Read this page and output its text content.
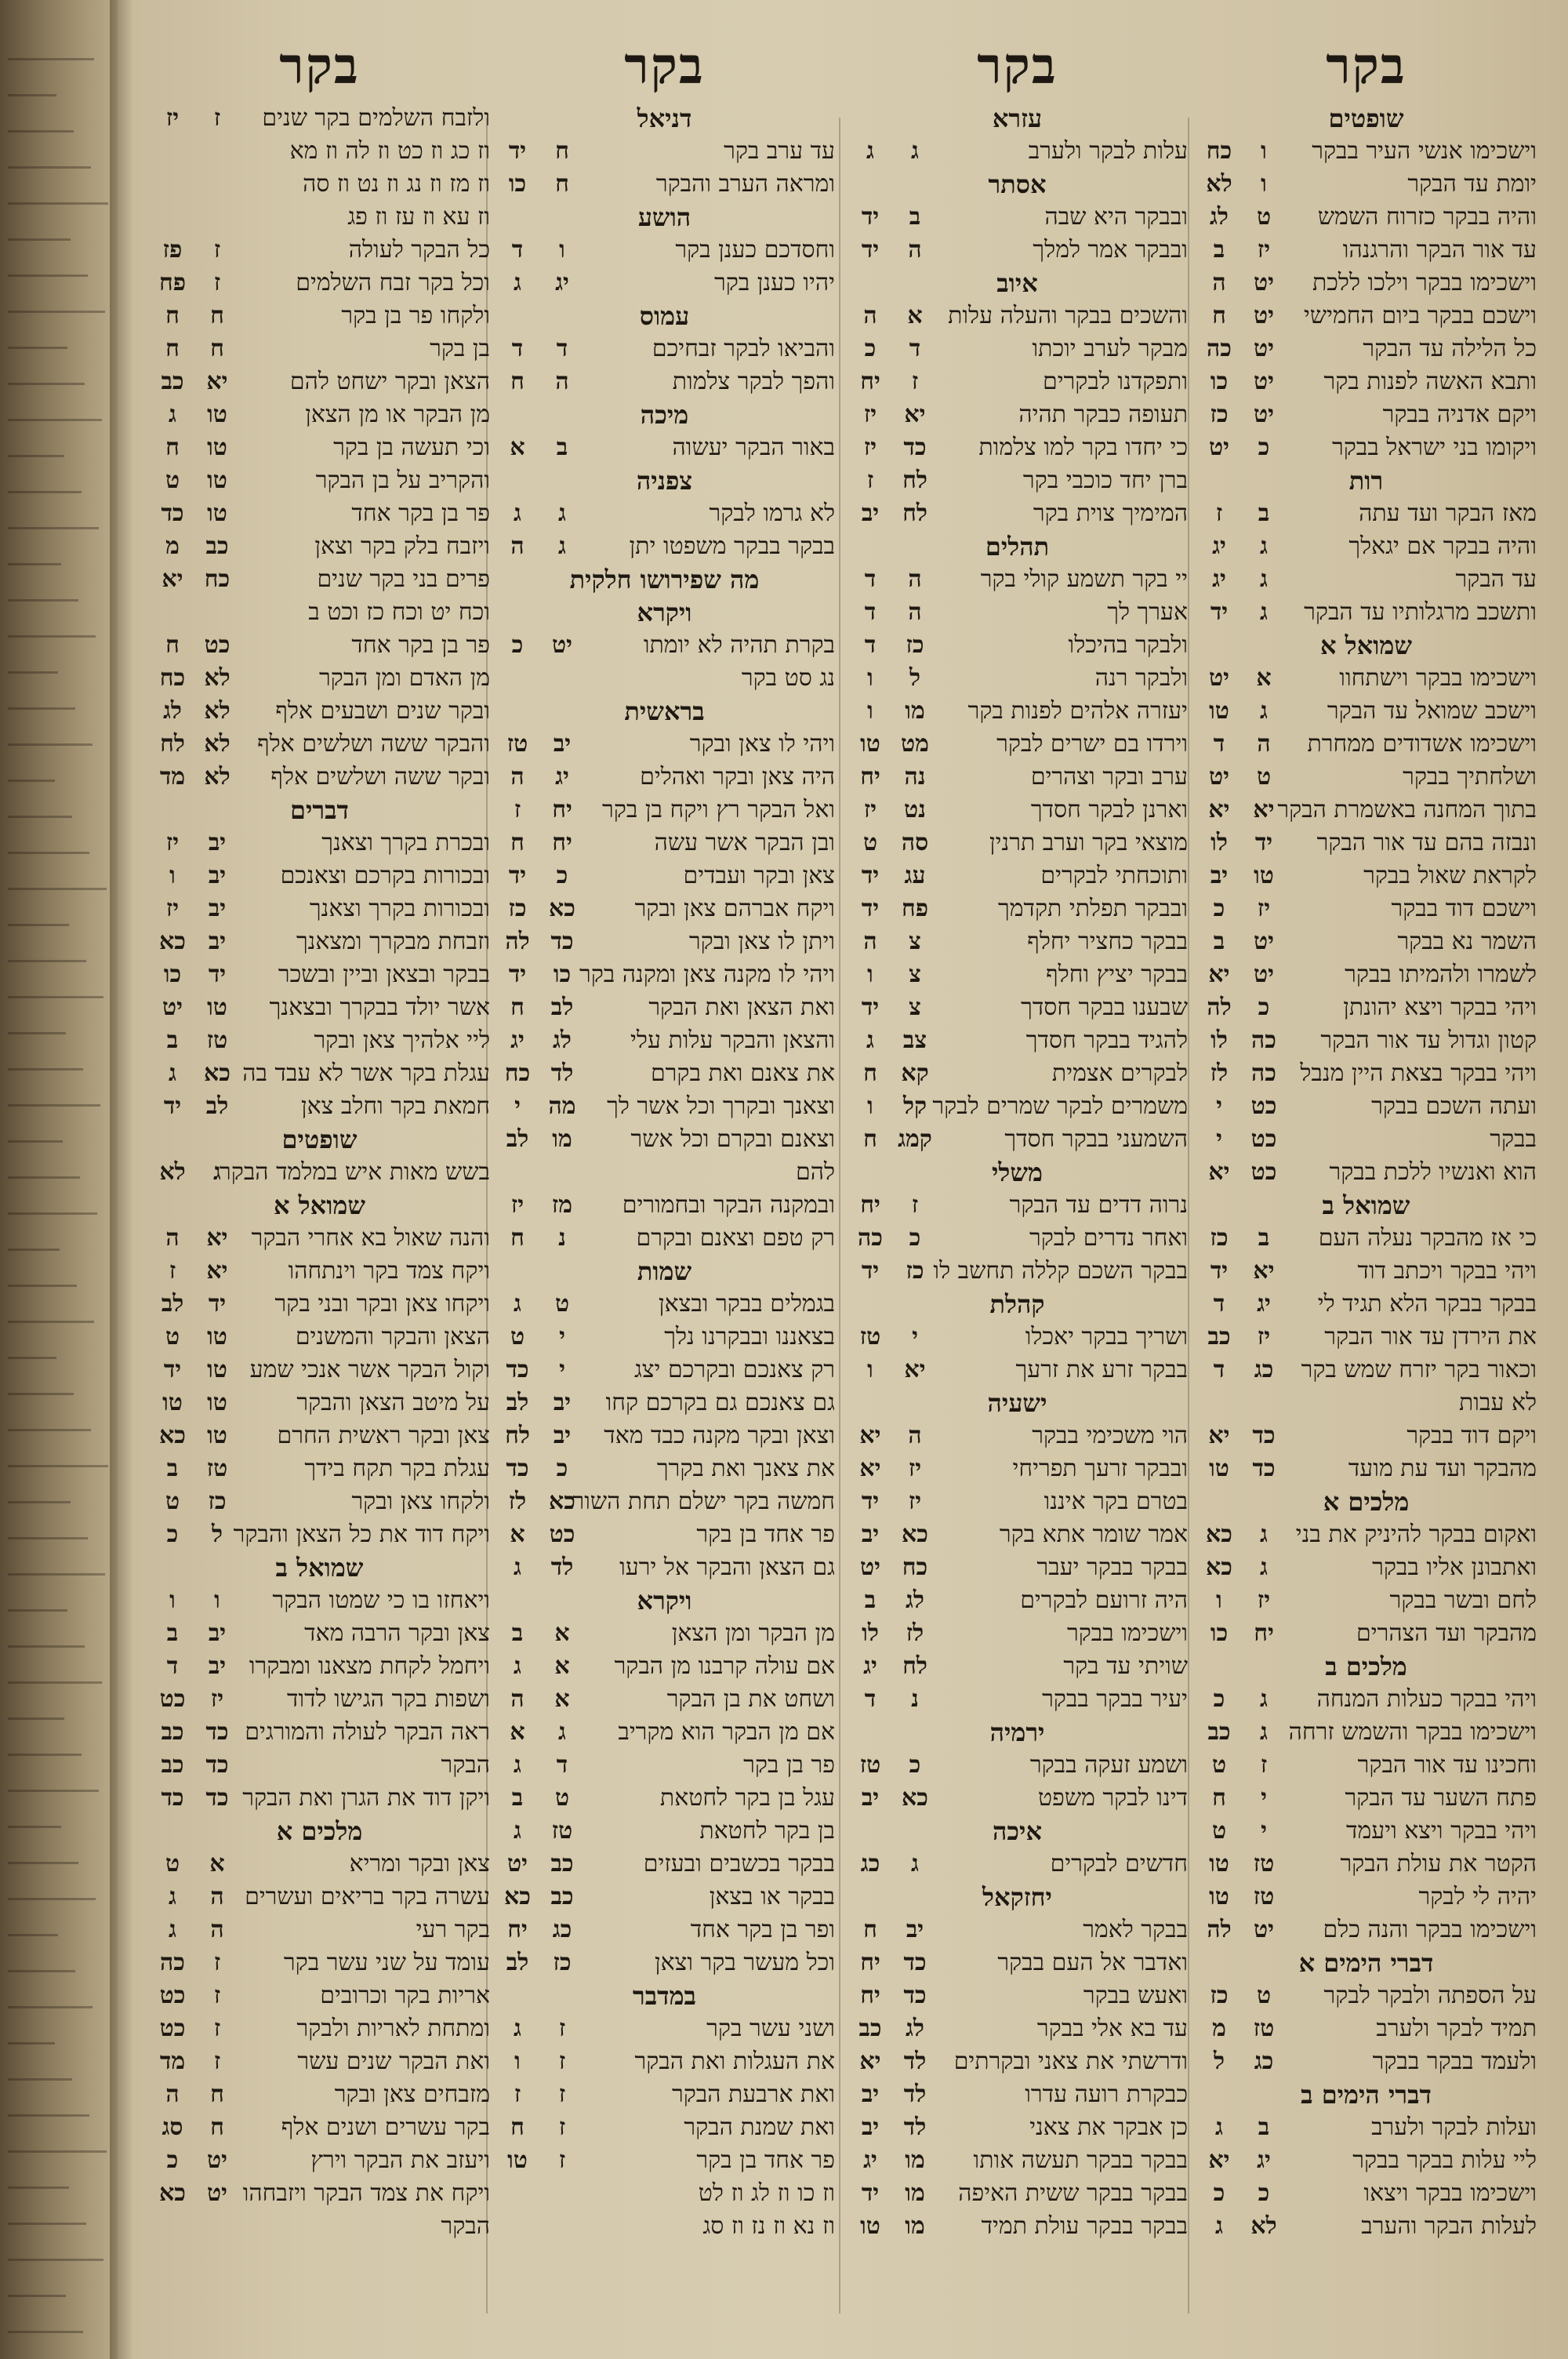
בקר
שופטים
וישכימו אנשי העיר בבקר
ו
כח
יומת עד הבקר
ו
לא
והיה בבקר כזרוח השמש
ט
לג
עד אור הבקר והרגנהו
יז
ב
וישכימו בבקר וילכו ללכת
יט
ה
וישכם בבקר ביום החמישי
יט
ח
כל הלילה עד הבקר
יט
כה
ותבא האשה לפנות בקר
יט
כו
ויקם אדניה בבקר
יט
כז
ויקומו בני ישראל בבקר
כ
יט
רות
מאז הבקר ועד עתה
ב
ז
והיה בבקר אם יגאלך
ג
יג
עד הבקר
ג
יג
ותשכב מרגלותיו עד הבקר
ג
יד
שמואל א
וישכימו בבקר וישתחוו
א
יט
וישכב שמואל עד הבקר
ג
טו
וישכימו אשדודים ממחרת
ה
ד
ושלחתיך בבקר
ט
יט
בתוך המחנה באשמרת הבקר
יא
יא
ונבזה בהם עד אור הבקר
יד
לו
לקראת שאול בבקר
טו
יב
וישכם דוד בבקר
יז
כ
השמר נא בבקר
יט
ב
לשמרו ולהמיתו בבקר
יט
יא
ויהי בבקר ויצא יהונתן
כ
לה
קטון וגדול עד אור הבקר
כה
לו
ויהי בבקר בצאת היין מנבל
כה
לז
ועתה השכם בבקר
כט
י
בבקר
כט
י
הוא ואנשיו ללכת בבקר
כט
יא
שמואל ב
כי אז מהבקר נעלה העם
ב
כז
ויהי בבקר ויכתב דוד
יא
יד
בבקר בבקר הלא תגיד לי
יג
ד
את הירדן עד אור הבקר
יז
כב
וכאור בקר יזרח שמש בקר
כג
ד
לא עבות
ויקם דוד בבקר
כד
יא
מהבקר ועד עת מועד
כד
טו
מלכים א
ואקום בבקר להיניק את בני
ג
כא
ואתבונן אליו בבקר
ג
כא
לחם ובשר בבקר
יז
ו
מהבקר ועד הצהרים
יח
כו
מלכים ב
ויהי בבקר כעלות המנחה
ג
כ
וישכימו בבקר והשמש זרחה
ג
כב
וחכינו עד אור הבקר
ז
ט
פתח השער עד הבקר
י
ח
ויהי בבקר ויצא ויעמד
י
ט
הקטר את עולת הבקר
טז
טו
יהיה לי לבקר
טז
טו
וישכימו בבקר והנה כלם
יט
לה
דברי הימים א
על הספתה ולבקר לבקר
ט
כז
תמיד לבקר ולערב
טז
מ
ולעמד בבקר בבקר
כג
ל
דברי הימים ב
ועלות לבקר ולערב
ב
ג
ליי עלות בבקר בבקר
יג
יא
וישכימו בבקר ויצאו
כ
כ
לעלות הבקר והערב
לא
ג
בקר
עזרא
עלות לבקר ולערב
ג
ג
אסתר
ובבקר היא שבה
ב
יד
ובבקר אמר למלך
ה
יד
איוב
והשכים בבקר והעלה עלות
א
ה
מבקר לערב יוכתו
ד
כ
ותפקדנו לבקרים
ז
יח
תעופה כבקר תהיה
יא
יז
כי יחדו בקר למו צלמות
כד
יז
ברן יחד כוכבי בקר
לח
ז
המימיך צוית בקר
לח
יב
תהלים
יי בקר תשמע קולי בקר
ה
ד
אערך לך
ה
ד
ולבקר בהיכלו
כז
ד
ולבקר רנה
ל
ו
יעזרה אלהים לפנות בקר
מו
ו
וירדו בם ישרים לבקר
מט
טו
ערב ובקר וצהרים
נה
יח
וארנן לבקר חסדך
נט
יז
מוצאי בקר וערב תרנין
סה
ט
ותוכחתי לבקרים
עג
יד
ובבקר תפלתי תקדמך
פח
יד
בבקר כחציר יחלף
צ
ה
בבקר יציץ וחלף
צ
ו
שבענו בבקר חסדך
צ
יד
להגיד בבקר חסדך
צב
ג
לבקרים אצמית
קא
ח
משמרים לבקר שמרים לבקר
קל
ו
השמעני בבקר חסדך
קמג
ח
משלי
נרוה דדים עד הבקר
ז
יח
ואחר נדרים לבקר
כ
כה
בבקר השכם קללה תחשב לו
כז
יד
קהלת
ושריך בבקר יאכלו
י
טז
בבקר זרע את זרעך
יא
ו
ישעיה
הוי משכימי בבקר
ה
יא
ובבקר זרעך תפריחי
יז
יא
בטרם בקר איננו
יז
יד
אמר שומר אתא בקר
כא
יב
בבקר בבקר יעבר
כח
יט
היה זרועם לבקרים
לג
ב
וישכימו בבקר
לז
לו
שויתי עד בקר
לח
יג
יעיר בבקר בבקר
נ
ד
ירמיה
ושמע זעקה בבקר
כ
טז
דינו לבקר משפט
כא
יב
איכה
חדשים לבקרים
ג
כג
יחזקאל
בבקר לאמר
יב
ח
ואדבר אל העם בבקר
כד
יח
ואעש בבקר
כד
יח
עד בא אלי בבקר
לג
כב
ודרשתי את צאני ובקרתים
לד
יא
כבקרת רועה עדרו
לד
יב
כן אבקר את צאני
לד
יב
בבקר בבקר תעשה אותו
מו
יג
בבקר בבקר ששית האיפה
מו
יד
בבקר בבקר עולת תמיד
מו
טו
בקר
דניאל
עד ערב בקר
ח
יד
ומראה הערב והבקר
ח
כו
הושע
וחסדכם כענן בקר
ו
ד
יהיו כענן בקר
יג
ג
עמוס
והביאו לבקר זבחיכם
ד
ד
והפך לבקר צלמות
ה
ח
מיכה
באור הבקר יעשוה
ב
א
צפניה
לא גרמו לבקר
ג
ג
בבקר בבקר משפטו יתן
ג
ה
מה שפירושו חלקית
ויקרא
בקרת תהיה לא יומתו
יט
כ
נג סט בקר
בראשית
ויהי לו צאן ובקר
יב
טז
היה צאן ובקר ואהלים
יג
ה
ואל הבקר רץ ויקח בן בקר
יח
ז
ובן הבקר אשר עשה
יח
ח
צאן ובקר ועבדים
כ
יד
ויקח אברהם צאן ובקר
כא
כז
ויתן לו צאן ובקר
כד
לה
ויהי לו מקנה צאן ומקנה בקר
כו
יד
ואת הצאן ואת הבקר
לב
ח
והצאן והבקר עלות עלי
לג
יג
את צאנם ואת בקרם
לד
כח
וצאנך ובקרך וכל אשר לך
מה
י
וצאנם ובקרם וכל אשר
מו
לב
להם
ובמקנה הבקר ובחמורים
מז
יז
רק טפם וצאנם ובקרם
נ
ח
שמות
בגמלים בבקר ובצאן
ט
ג
בצאננו ובבקרנו נלך
י
ט
רק צאנכם ובקרכם יצג
י
כד
גם צאנכם גם בקרכם קחו
יב
לב
וצאן ובקר מקנה כבד מאד
יב
לח
את צאנך ואת בקרך
כ
כד
חמשה בקר ישלם תחת השור
כא
לז
פר אחד בן בקר
כט
א
גם הצאן והבקר אל ירעו
לד
ג
ויקרא
מן הבקר ומן הצאן
א
ב
אם עולה קרבנו מן הבקר
א
ג
ושחט את בן הבקר
א
ה
אם מן הבקר הוא מקריב
ג
א
פר בן בקר
ד
ג
עגל בן בקר לחטאת
ט
ב
בן בקר לחטאת
טז
ג
בבקר בכשבים ובעזים
כב
יט
בבקר או בצאן
כב
כא
ופר בן בקר אחד
כג
יח
וכל מעשר בקר וצאן
כז
לב
במדבר
ושני עשר בקר
ז
ג
את העגלות ואת הבקר
ז
ו
ואת ארבעת הבקר
ז
ז
ואת שמנת הבקר
ז
ח
פר אחד בן בקר
ז
טו
וז כו וז לג וז לט
וז נא וז נז וז סג
בקר
ולזבח השלמים בקר שנים
ז
יז
וז כג וז כט וז לה וז מא
וז מז וז נג וז נט וז סה
וז עא וז עז וז פג
כל הבקר לעולה
ז
פז
וכל בקר זבח השלמים
ז
פח
ולקחו פר בן בקר
ח
ח
בן בקר
ח
ח
הצאן ובקר ישחט להם
יא
כב
מן הבקר או מן הצאן
טו
ג
וכי תעשה בן בקר
טו
ח
והקריב על בן הבקר
טו
ט
פר בן בקר אחד
טו
כד
ויזבח בלק בקר וצאן
כב
מ
פרים בני בקר שנים
כח
יא
וכח יט וכח כז וכט ב
פר בן בקר אחד
כט
ח
מן האדם ומן הבקר
לא
כח
ובקר שנים ושבעים אלף
לא
לג
והבקר ששה ושלשים אלף
לא
לח
ובקר ששה ושלשים אלף
לא
מד
דברים
ובכרת בקרך וצאנך
יב
יז
ובכורות בקרכם וצאנכם
יב
ו
ובכורות בקרך וצאנך
יב
יז
וזבחת מבקרך ומצאנך
יב
כא
בבקר ובצאן וביין ובשכר
יד
כו
אשר יולד בבקרך ובצאנך
טו
יט
ליי אלהיך צאן ובקר
טז
ב
עגלת בקר אשר לא עבד בה
כא
ג
חמאת בקר וחלב צאן
לב
יד
שופטים
בשש מאות איש במלמד הבקר
ג
לא
שמואל א
והנה שאול בא אחרי הבקר
יא
ה
ויקח צמד בקר וינתחהו
יא
ז
ויקחו צאן ובקר ובני בקר
יד
לב
הצאן והבקר והמשנים
טו
ט
וקול הבקר אשר אנכי שמע
טו
יד
על מיטב הצאן והבקר
טו
טו
צאן ובקר ראשית החרם
טו
כא
עגלת בקר תקח בידך
טז
ב
ולקחו צאן ובקר
כז
ט
ויקח דוד את כל הצאן והבקר
ל
כ
שמואל ב
ויאחזו בו כי שמטו הבקר
ו
ו
צאן ובקר הרבה מאד
יב
ב
ויחמל לקחת מצאנו ומבקרו
יב
ד
ושפות בקר הגישו לדוד
יז
כט
ראה הבקר לעולה והמורגים
כד
כב
הבקר
כד
כב
ויקן דוד את הגרן ואת הבקר
כד
כד
מלכים א
צאן ובקר ומריא
א
ט
עשרה בקר בריאים ועשרים
ה
ג
בקר רעי
ה
ג
עומד על שני עשר בקר
ז
כה
אריות בקר וכרובים
ז
כט
ומתחת לאריות ולבקר
ז
כט
ואת הבקר שנים עשר
ז
מד
מזבחים צאן ובקר
ח
ה
בקר עשרים ושנים אלף
ח
סג
ויעזב את הבקר וירץ
יט
כ
ויקח את צמד הבקר ויזבחהו
יט
כא
הבקר
